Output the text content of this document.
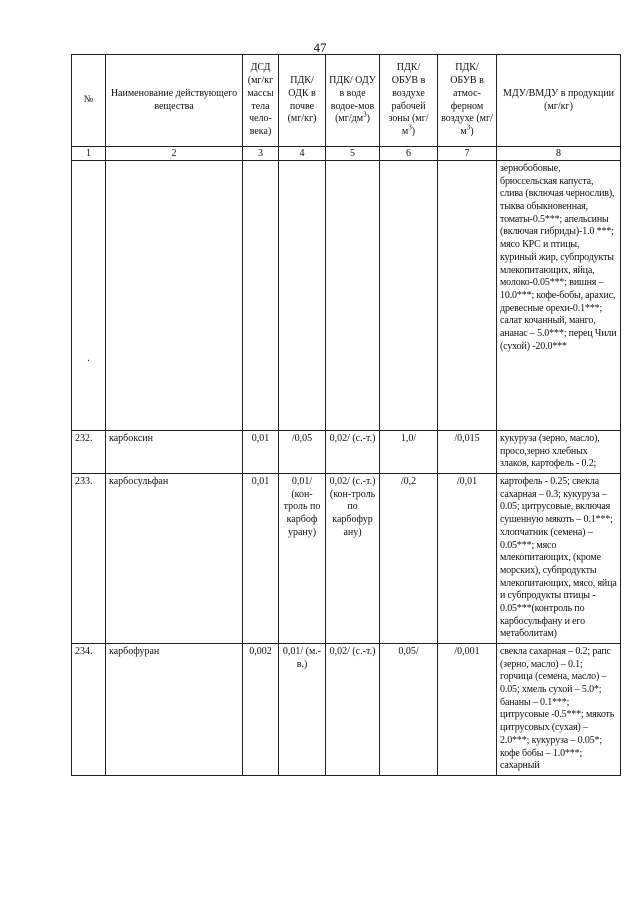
47
№	Наименование действующего вещества	ДСД (мг/кг массы тела чело-века)	ПДК/ ОДК в почве (мг/кг)	ПДК/ ОДУ в воде водое-мов $(мг/дм^3)$	ПДК/ ОБУВ в воздухе рабочей зоны $(мг/м^3)$	ПДК/ ОБУВ в атмос-ферном воздухе $(мг/м^3)$	МДУ/ВМДУ в продукции (мг/кг)
1	2	3	4	5	6	7	8

.							зернобобовые, брюссельская капуста, слива (включая чернослив), тыква обыкновенная, томаты-0.5***; апельсины (включая гибриды)-1.0 ***; мясо КРС и птицы, куриный жир, субпродукты млекопитающих, яйца, молоко-0.05***; вишня – 10.0***; кофе-бобы, арахис, древесные орехи-0.1***; салат кочанный, манго, ананас – 5.0***; перец Чили (сухой) -20.0***
232.	карбоксин	0,01	/0,05	0,02/ (с.-т.)	1,0/	/0,015	кукуруза (зерно, масло), просо,зерно хлебных злаков, картофель - 0.2;
233.	карбосульфан	0,01	0,01/ (кон-троль по карбоф урану)	0,02/ (с.-т.) (кон-троль по карбофур ану)	/0,2	/0,01	картофель - 0.25; свекла сахарная – 0.3; кукуруза – 0.05; цитрусовые, включая сушенную мякоть – 0.1***; хлопчатник (семена) – 0.05***; мясо млекопитающих, (кроме морских), субпродукты млекопитающих, мясо, яйца и субпродукты птицы - 0.05***(контроль по карбосульфану и его метаболитам)
234.	карбофуран	0,002	0,01/ (м.-в.)	0,02/ (с.-т.)	0,05/	/0,001	свекла сахарная – 0.2; рапс (зерно, масло) – 0.1; горчица (семена, масло) – 0.05; хмель сухой – 5.0*; бананы – 0.1***; цитрусовые -0.5***; мякоть цитрусовых (сухая) – 2.0***; кукуруза – 0.05*; кофе бобы – 1.0***; сахарный
